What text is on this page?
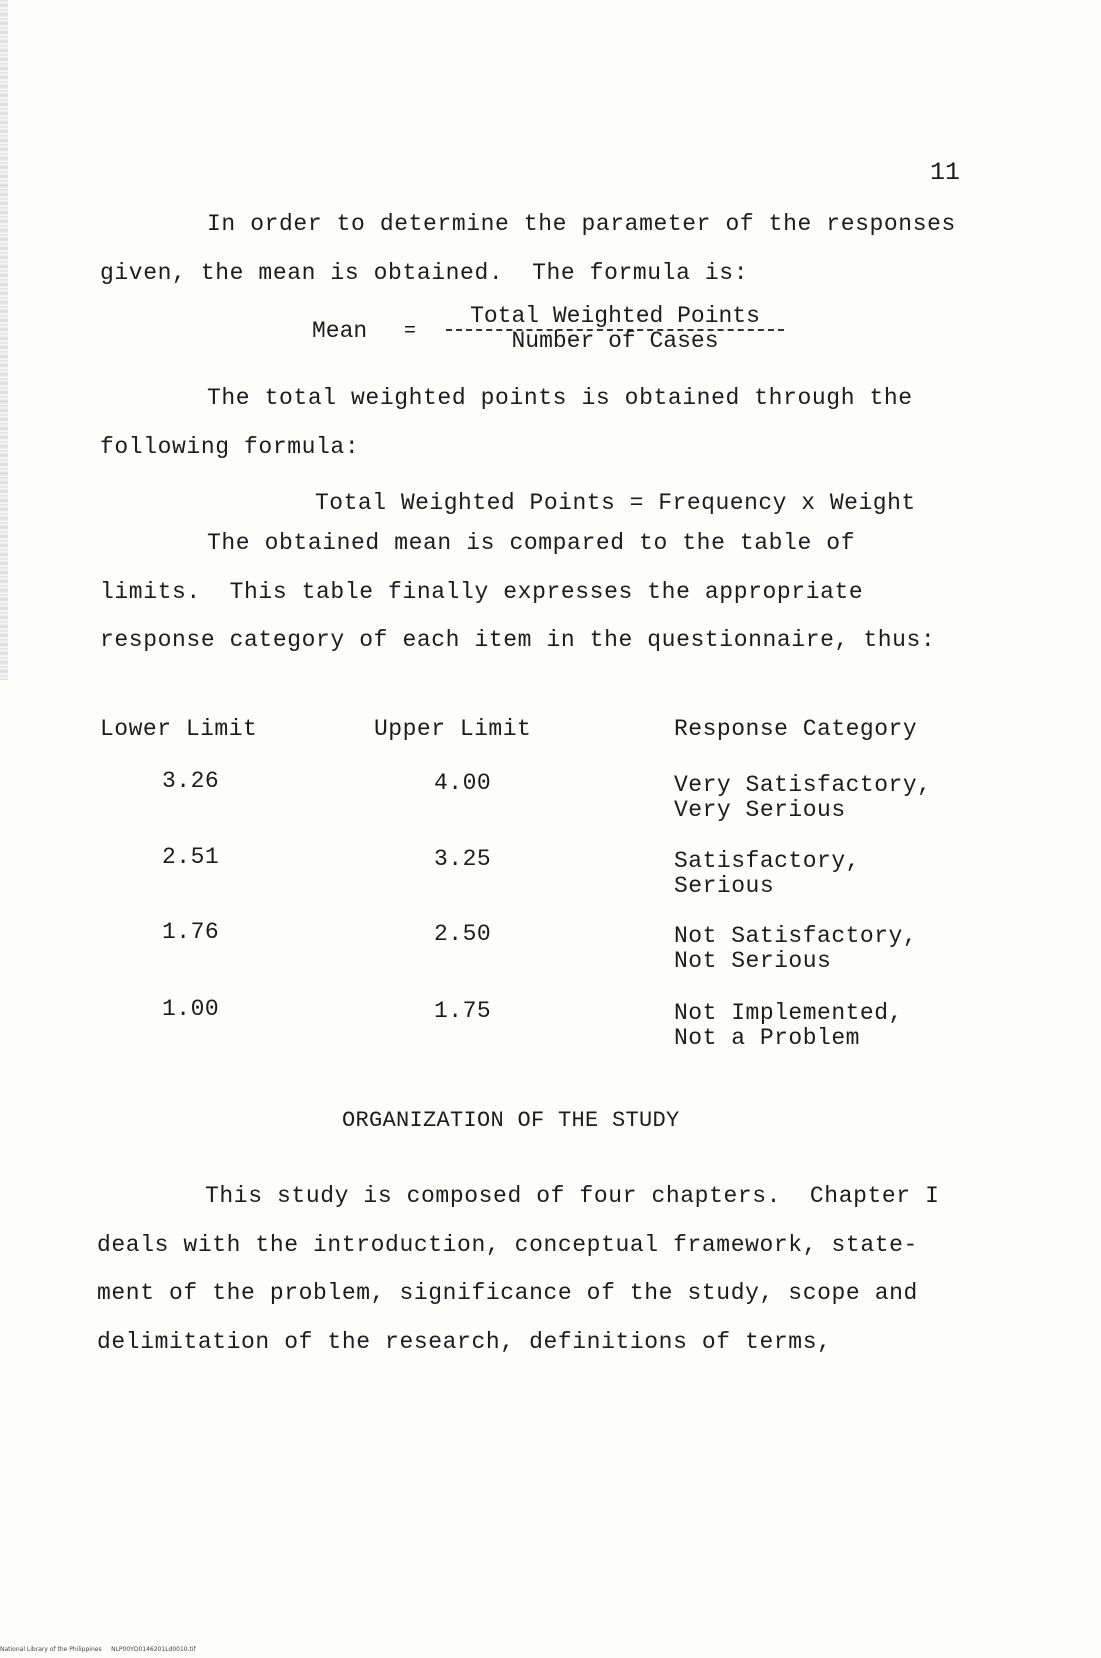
11

In order to determine the parameter of the responses
given, the mean is obtained.  The formula is:

Mean =
Total Weighted Points
Number of Cases

The total weighted points is obtained through the
following formula:

Total Weighted Points = Frequency x Weight

The obtained mean is compared to the table of
limits.  This table finally expresses the appropriate
response category of each item in the questionnaire, thus:

Lower Limit	Upper Limit	Response Category
3.26	4.00	Very Satisfactory,
Very Serious
2.51	3.25	Satisfactory,
Serious
1.76	2.50	Not Satisfactory,
Not Serious
1.00	1.75	Not Implemented,
Not a Problem
ORGANIZATION OF THE STUDY

This study is composed of four chapters.  Chapter I
deals with the introduction, conceptual framework, state-
ment of the problem, significance of the study, scope and
delimitation of the research, definitions of terms,

National Library of the Philippines     NLP00YD0146201Ld0010.tif
